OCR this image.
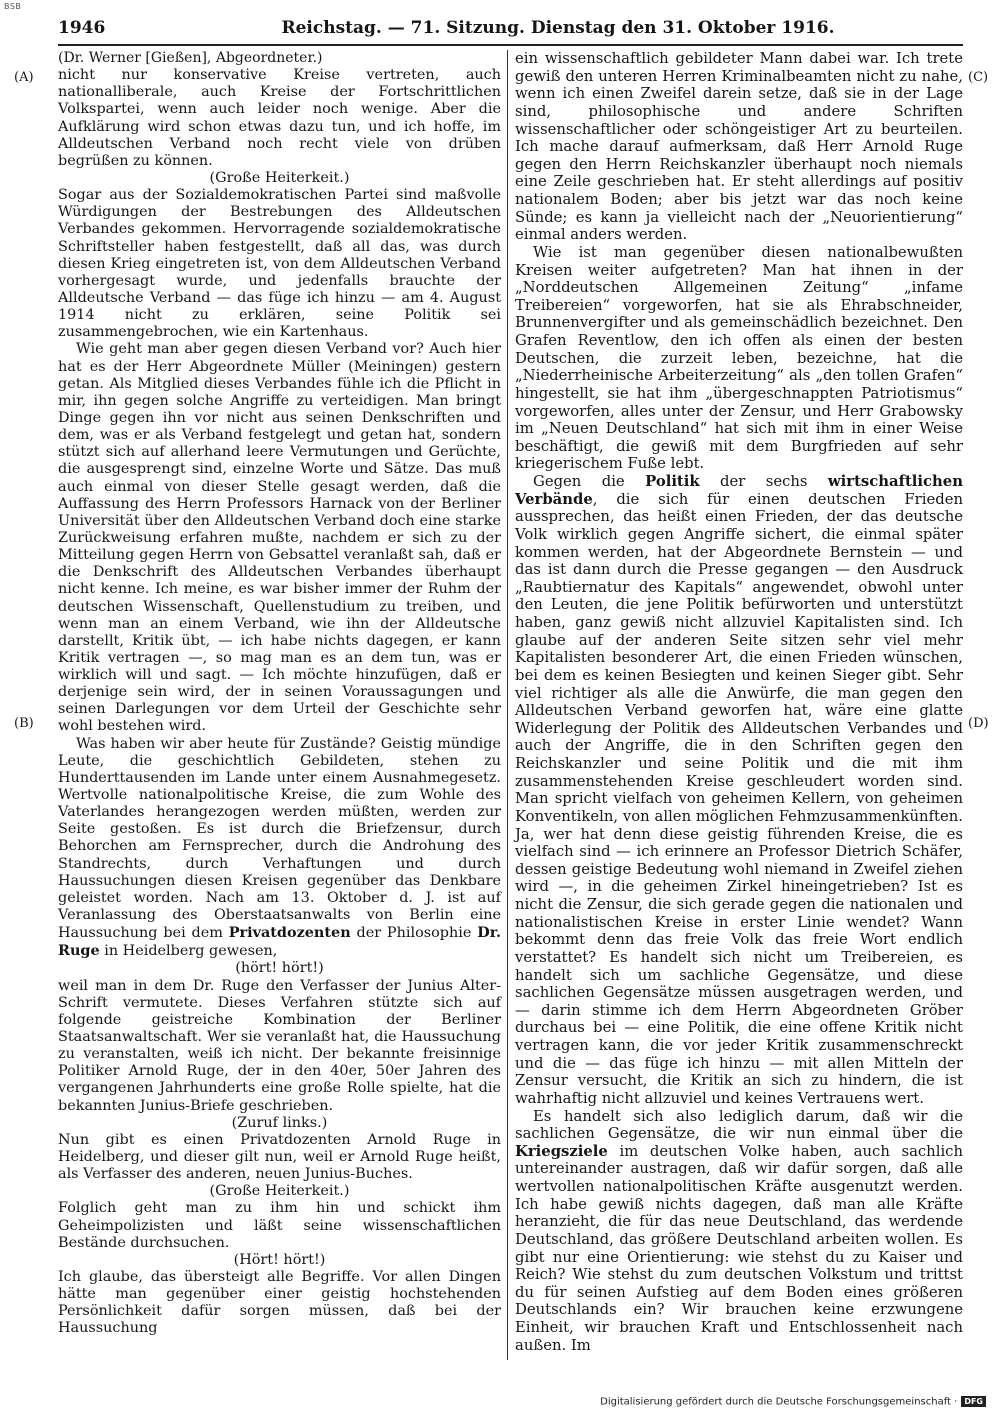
BSB
1946	Reichstag. — 71. Sitzung. Dienstag den 31. Oktober 1916.
(A)
(B)
(C)
(D)

(Dr. Werner [Gießen], Abgeordneter.)

nicht nur konservative Kreise vertreten, auch nationalliberale, auch Kreise der Fortschrittlichen Volkspartei, wenn auch leider noch wenige. Aber die Aufklärung wird schon etwas dazu tun, und ich hoffe, im Alldeutschen Verband noch recht viele von drüben begrüßen zu können.

(Große Heiterkeit.)

Sogar aus der Sozialdemokratischen Partei sind maßvolle Würdigungen der Bestrebungen des Alldeutschen Verbandes gekommen. Hervorragende sozialdemokratische Schriftsteller haben festgestellt, daß all das, was durch diesen Krieg eingetreten ist, von dem Alldeutschen Verband vorhergesagt wurde, und jedenfalls brauchte der Alldeutsche Verband — das füge ich hinzu — am 4. August 1914 nicht zu erklären, seine Politik sei zusammengebrochen, wie ein Kartenhaus.

Wie geht man aber gegen diesen Verband vor? Auch hier hat es der Herr Abgeordnete Müller (Meiningen) gestern getan. Als Mitglied dieses Verbandes fühle ich die Pflicht in mir, ihn gegen solche Angriffe zu verteidigen. Man bringt Dinge gegen ihn vor nicht aus seinen Denkschriften und dem, was er als Verband festgelegt und getan hat, sondern stützt sich auf allerhand leere Vermutungen und Gerüchte, die ausgesprengt sind, einzelne Worte und Sätze. Das muß auch einmal von dieser Stelle gesagt werden, daß die Auffassung des Herrn Professors Harnack von der Berliner Universität über den Alldeutschen Verband doch eine starke Zurückweisung erfahren mußte, nachdem er sich zu der Mitteilung gegen Herrn von Gebsattel veranlaßt sah, daß er die Denkschrift des Alldeutschen Verbandes überhaupt nicht kenne. Ich meine, es war bisher immer der Ruhm der deutschen Wissenschaft, Quellenstudium zu treiben, und wenn man an einem Verband, wie ihn der Alldeutsche darstellt, Kritik übt, — ich habe nichts dagegen, er kann Kritik vertragen —, so mag man es an dem tun, was er wirklich will und sagt. — Ich möchte hinzufügen, daß er derjenige sein wird, der in seinen Voraussagungen und seinen Darlegungen vor dem Urteil der Geschichte sehr wohl bestehen wird.

Was haben wir aber heute für Zustände? Geistig mündige Leute, die geschichtlich Gebildeten, stehen zu Hunderttausenden im Lande unter einem Ausnahmegesetz. Wertvolle nationalpolitische Kreise, die zum Wohle des Vaterlandes herangezogen werden müßten, werden zur Seite gestoßen. Es ist durch die Briefzensur, durch Behorchen am Fernsprecher, durch die Androhung des Standrechts, durch Verhaftungen und durch Haussuchungen diesen Kreisen gegenüber das Denkbare geleistet worden. Nach am 13. Oktober d. J. ist auf Veranlassung des Oberstaatsanwalts von Berlin eine Haussuchung bei dem Privatdozenten der Philosophie Dr. Ruge in Heidelberg gewesen,

(hört! hört!)

weil man in dem Dr. Ruge den Verfasser der Junius Alter-Schrift vermutete. Dieses Verfahren stützte sich auf folgende geistreiche Kombination der Berliner Staatsanwaltschaft. Wer sie veranlaßt hat, die Haussuchung zu veranstalten, weiß ich nicht. Der bekannte freisinnige Politiker Arnold Ruge, der in den 40er, 50er Jahren des vergangenen Jahrhunderts eine große Rolle spielte, hat die bekannten Junius-Briefe geschrieben.

(Zuruf links.)

Nun gibt es einen Privatdozenten Arnold Ruge in Heidelberg, und dieser gilt nun, weil er Arnold Ruge heißt, als Verfasser des anderen, neuen Junius-Buches.

(Große Heiterkeit.)

Folglich geht man zu ihm hin und schickt ihm Geheimpolizisten und läßt seine wissenschaftlichen Bestände durchsuchen.

(Hört! hört!)

Ich glaube, das übersteigt alle Begriffe. Vor allen Dingen hätte man gegenüber einer geistig hochstehenden Persönlichkeit dafür sorgen müssen, daß bei der Haussuchung

ein wissenschaftlich gebildeter Mann dabei war. Ich trete gewiß den unteren Herren Kriminalbeamten nicht zu nahe, wenn ich einen Zweifel darein setze, daß sie in der Lage sind, philosophische und andere Schriften wissenschaftlicher oder schöngeistiger Art zu beurteilen. Ich mache darauf aufmerksam, daß Herr Arnold Ruge gegen den Herrn Reichskanzler überhaupt noch niemals eine Zeile geschrieben hat. Er steht allerdings auf positiv nationalem Boden; aber bis jetzt war das noch keine Sünde; es kann ja vielleicht nach der „Neuorientierung“ einmal anders werden.

Wie ist man gegenüber diesen nationalbewußten Kreisen weiter aufgetreten? Man hat ihnen in der „Norddeutschen Allgemeinen Zeitung“ „infame Treibereien“ vorgeworfen, hat sie als Ehrabschneider, Brunnenvergifter und als gemeinschädlich bezeichnet. Den Grafen Reventlow, den ich offen als einen der besten Deutschen, die zurzeit leben, bezeichne, hat die „Niederrheinische Arbeiterzeitung“ als „den tollen Grafen“ hingestellt, sie hat ihm „übergeschnappten Patriotismus“ vorgeworfen, alles unter der Zensur, und Herr Grabowsky im „Neuen Deutschland“ hat sich mit ihm in einer Weise beschäftigt, die gewiß mit dem Burgfrieden auf sehr kriegerischem Fuße lebt.

Gegen die Politik der sechs wirtschaftlichen Verbände, die sich für einen deutschen Frieden aussprechen, das heißt einen Frieden, der das deutsche Volk wirklich gegen Angriffe sichert, die einmal später kommen werden, hat der Abgeordnete Bernstein — und das ist dann durch die Presse gegangen — den Ausdruck „Raubtiernatur des Kapitals“ angewendet, obwohl unter den Leuten, die jene Politik befürworten und unterstützt haben, ganz gewiß nicht allzuviel Kapitalisten sind. Ich glaube auf der anderen Seite sitzen sehr viel mehr Kapitalisten besonderer Art, die einen Frieden wünschen, bei dem es keinen Besiegten und keinen Sieger gibt. Sehr viel richtiger als alle die Anwürfe, die man gegen den Alldeutschen Verband geworfen hat, wäre eine glatte Widerlegung der Politik des Alldeutschen Verbandes und auch der Angriffe, die in den Schriften gegen den Reichskanzler und seine Politik und die mit ihm zusammenstehenden Kreise geschleudert worden sind. Man spricht vielfach von geheimen Kellern, von geheimen Konventikeln, von allen möglichen Fehmzusammenkünften. Ja, wer hat denn diese geistig führenden Kreise, die es vielfach sind — ich erinnere an Professor Dietrich Schäfer, dessen geistige Bedeutung wohl niemand in Zweifel ziehen wird —, in die geheimen Zirkel hineingetrieben? Ist es nicht die Zensur, die sich gerade gegen die nationalen und nationalistischen Kreise in erster Linie wendet? Wann bekommt denn das freie Volk das freie Wort endlich verstattet? Es handelt sich nicht um Treibereien, es handelt sich um sachliche Gegensätze, und diese sachlichen Gegensätze müssen ausgetragen werden, und — darin stimme ich dem Herrn Abgeordneten Gröber durchaus bei — eine Politik, die eine offene Kritik nicht vertragen kann, die vor jeder Kritik zusammenschreckt und die — das füge ich hinzu — mit allen Mitteln der Zensur versucht, die Kritik an sich zu hindern, die ist wahrhaftig nicht allzuviel und keines Vertrauens wert.

Es handelt sich also lediglich darum, daß wir die sachlichen Gegensätze, die wir nun einmal über die Kriegsziele im deutschen Volke haben, auch sachlich untereinander austragen, daß wir dafür sorgen, daß alle wertvollen nationalpolitischen Kräfte ausgenutzt werden. Ich habe gewiß nichts dagegen, daß man alle Kräfte heranzieht, die für das neue Deutschland, das werdende Deutschland, das größere Deutschland arbeiten wollen. Es gibt nur eine Orientierung: wie stehst du zu Kaiser und Reich? Wie stehst du zum deutschen Volkstum und trittst du für seinen Aufstieg auf dem Boden eines größeren Deutschlands ein? Wir brauchen keine erzwungene Einheit, wir brauchen Kraft und Entschlossenheit nach außen. Im

Digitalisierung gefördert durch die Deutsche Forschungsgemeinschaft · DFG
